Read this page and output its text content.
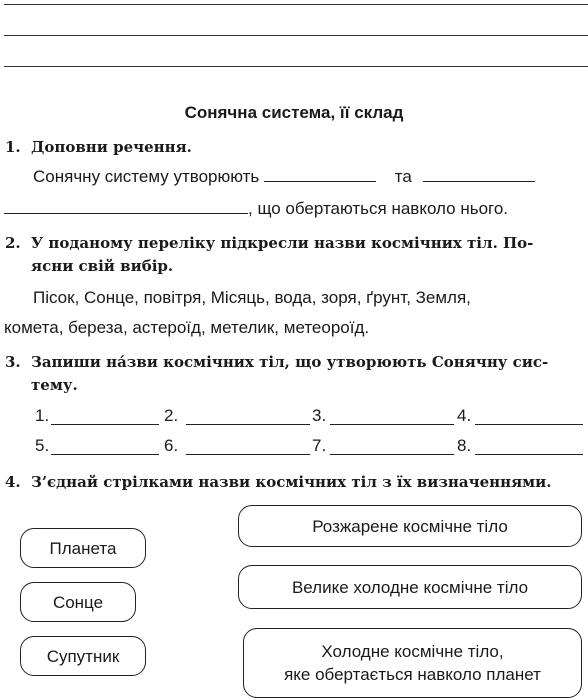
Сонячна система, її склад
1. Доповни речення.
Сонячну систему утворюють	та
, що обертаються навколо нього.
2. У поданому переліку підкресли назви космічних тіл. По-
ясни свій вибір.
Пісок, Сонце, повітря, Місяць, вода, зоря, ґрунт, Земля,
комета, береза, астероїд, метелик, метеороїд.
3. Запиши на́зви космічних тіл, що утворюють Сонячну сис-
тему.
1.	2.	3.	4.
5.	6.	7.	8.
4. З’єднай стрілками назви космічних тіл з їх визначеннями.
Планета
Сонце
Супутник
Розжарене космічне тіло
Велике холодне космічне тіло
Холодне космічне тіло,
яке обертається навколо планет
